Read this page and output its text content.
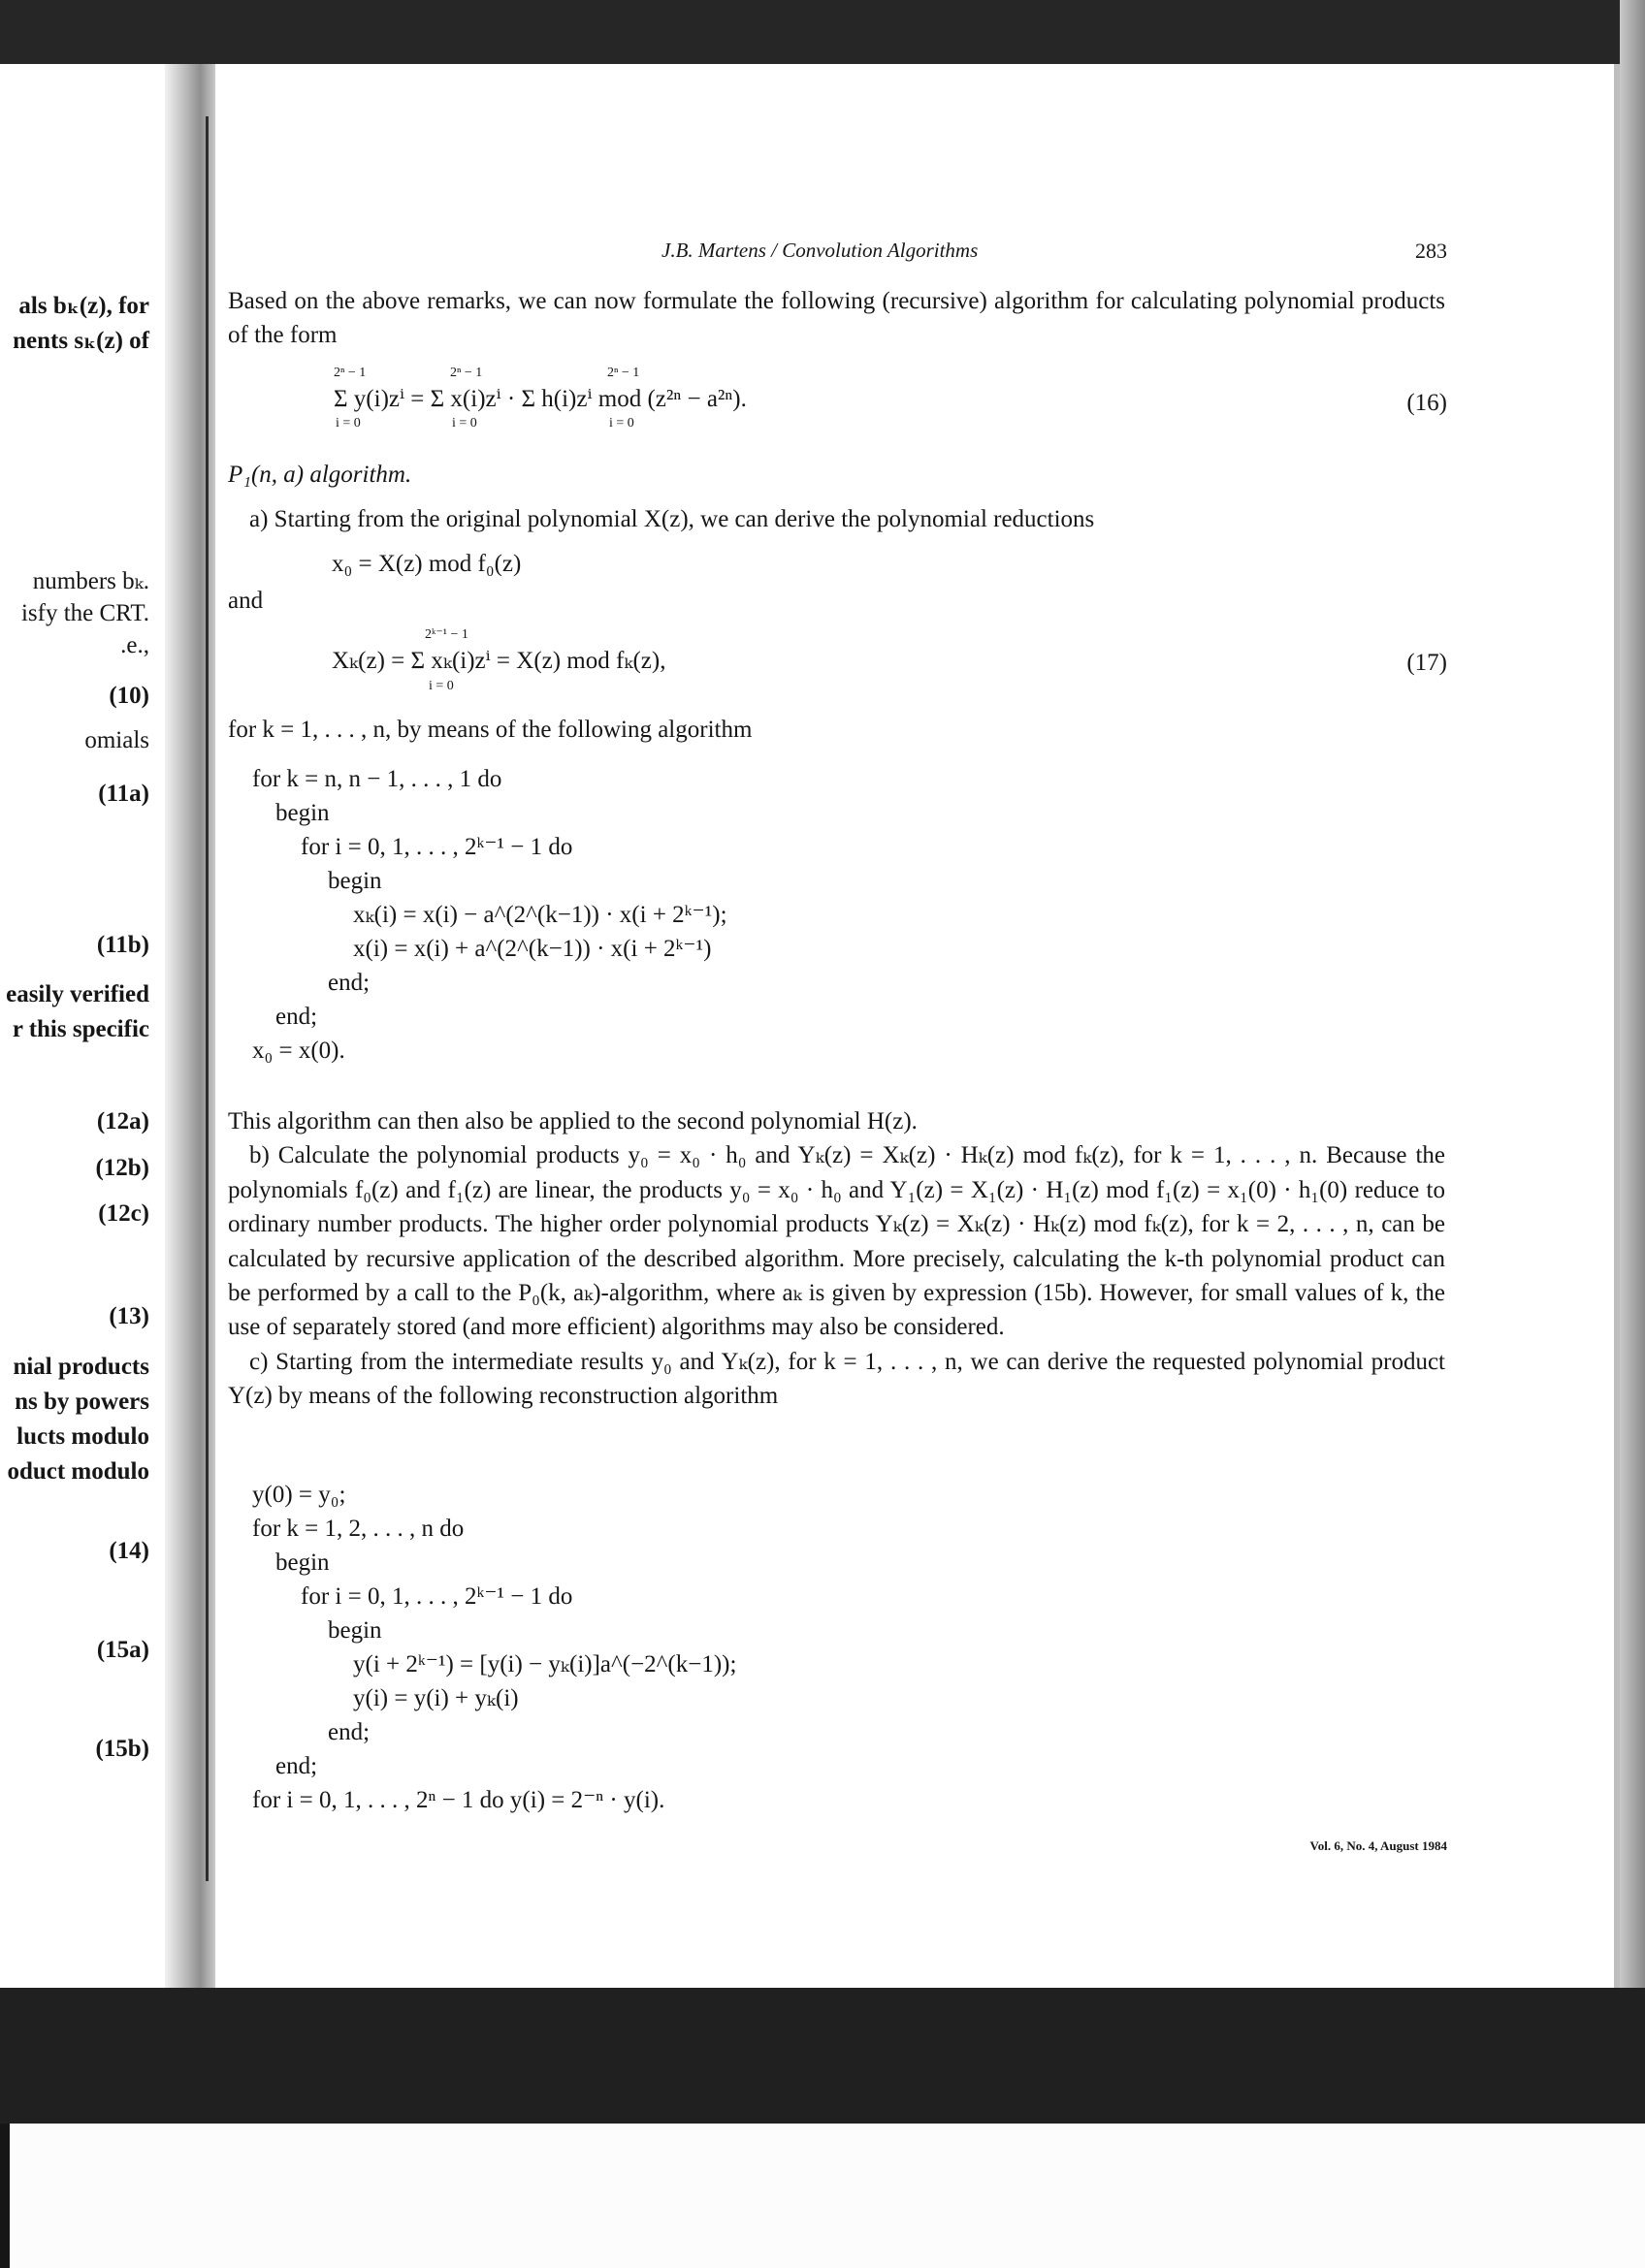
als bₖ(z), for
nents sₖ(z) of
numbers bₖ.
isfy the CRT.
.e.,
(10)
omials
(11a)
(11b)
easily verified
r this specific
(12a)
(12b)
(12c)
(13)
nial products
ns by powers
lucts modulo
oduct modulo
(14)
(15a)
(15b)
J.B. Martens / Convolution Algorithms	283

Based on the above remarks, we can now formulate the following (recursive) algorithm for calculating polynomial products of the form

2ⁿ − 1
i = 0
2ⁿ − 1
i = 0
2ⁿ − 1
i = 0
Σ y(i)zⁱ = Σ x(i)zⁱ · Σ h(i)zⁱ mod (z²ⁿ − a²ⁿ).	(16)
P₁(n, a) algorithm.

a) Starting from the original polynomial X(z), we can derive the polynomial reductions

x₀ = X(z) mod f₀(z)
and
2ᵏ⁻¹ − 1
i = 0
Xₖ(z) = Σ xₖ(i)zⁱ = X(z) mod fₖ(z),	(17)

for k = 1, . . . , n, by means of the following algorithm

for k = n, n − 1, . . . , 1 do
begin
for i = 0, 1, . . . , 2ᵏ⁻¹ − 1 do
begin
xₖ(i) = x(i) − a^(2^(k−1)) · x(i + 2ᵏ⁻¹);
x(i) = x(i) + a^(2^(k−1)) · x(i + 2ᵏ⁻¹)
end;
end;
x₀ = x(0).

This algorithm can then also be applied to the second polynomial H(z).

b) Calculate the polynomial products y₀ = x₀ · h₀ and Yₖ(z) = Xₖ(z) · Hₖ(z) mod fₖ(z), for k = 1, . . . , n. Because the polynomials f₀(z) and f₁(z) are linear, the products y₀ = x₀ · h₀ and Y₁(z) = X₁(z) · H₁(z) mod f₁(z) = x₁(0) · h₁(0) reduce to ordinary number products. The higher order polynomial products Yₖ(z) = Xₖ(z) · Hₖ(z) mod fₖ(z), for k = 2, . . . , n, can be calculated by recursive application of the described algorithm. More precisely, calculating the k-th polynomial product can be performed by a call to the P₀(k, aₖ)-algorithm, where aₖ is given by expression (15b). However, for small values of k, the use of separately stored (and more efficient) algorithms may also be considered.

c) Starting from the intermediate results y₀ and Yₖ(z), for k = 1, . . . , n, we can derive the requested polynomial product Y(z) by means of the following reconstruction algorithm

y(0) = y₀;
for k = 1, 2, . . . , n do
begin
for i = 0, 1, . . . , 2ᵏ⁻¹ − 1 do
begin
y(i + 2ᵏ⁻¹) = [y(i) − yₖ(i)]a^(−2^(k−1));
y(i) = y(i) + yₖ(i)
end;
end;
for i = 0, 1, . . . , 2ⁿ − 1 do y(i) = 2⁻ⁿ · y(i).
Vol. 6, No. 4, August 1984
